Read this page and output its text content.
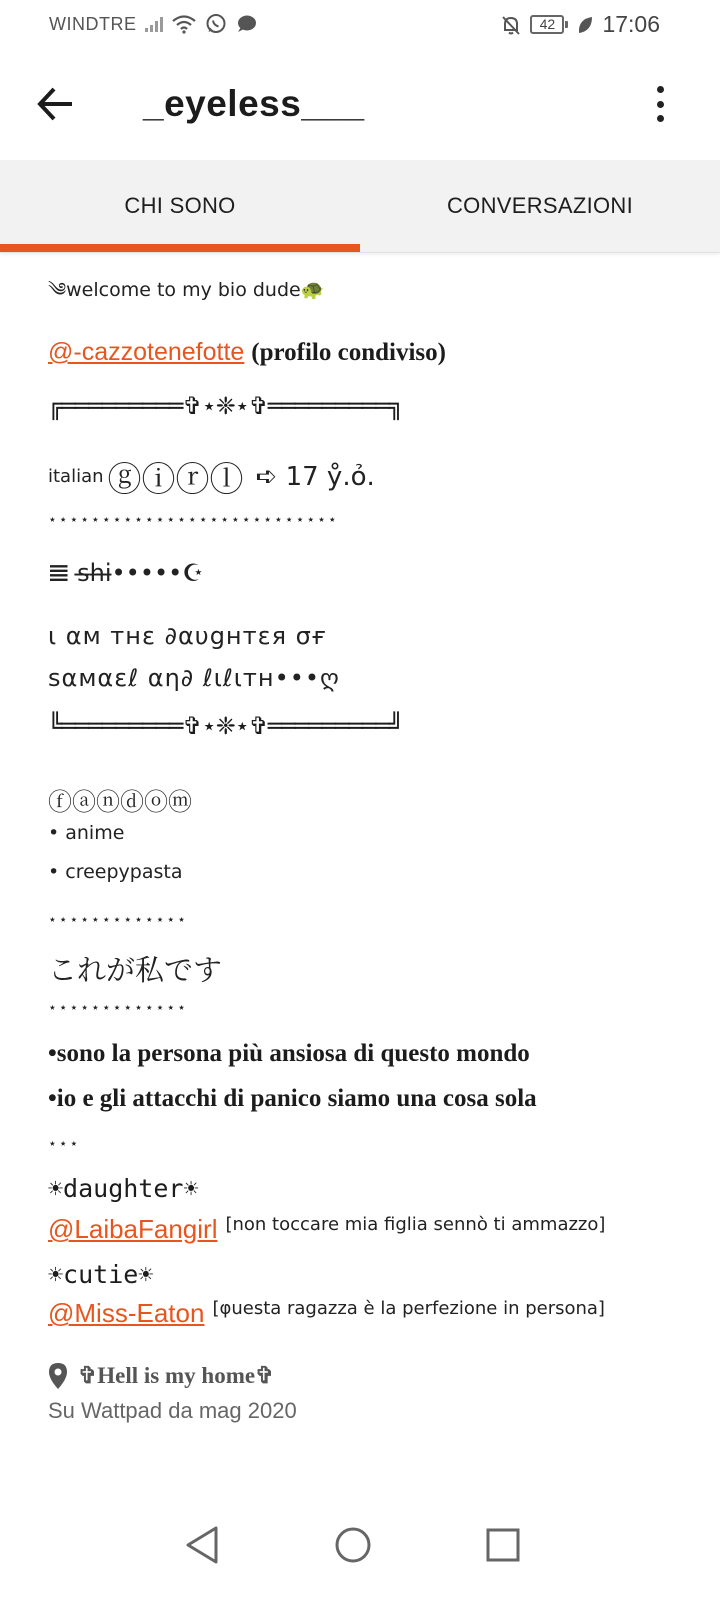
WINDTRE	42	17:06
_eyeless___
CHI SONO	CONVERSAZIONI
༄welcome to my bio dude🐢
@-cazzotenefotte (profilo condiviso)
╔═════════✞⋆❈⋆✞═════════╗
italian ⓖⓘⓡⓛ ➪ 17 ẙ.ỏ.
⋆⋆⋆⋆⋆⋆⋆⋆⋆⋆⋆⋆⋆⋆⋆⋆⋆⋆⋆⋆⋆⋆⋆⋆⋆⋆⋆
𝌆 s̶h̶i̶•••••☪
ι αм тнε ∂αυgнтεя σғ
sαмαεℓ αη∂ ℓιℓιтн•••ღ
╚═════════✞⋆❈⋆✞═════════╝
ⓕⓐⓝⓓⓞⓜ
• anime
• creepypasta
⋆⋆⋆⋆⋆⋆⋆⋆⋆⋆⋆⋆⋆
これが私です
⋆⋆⋆⋆⋆⋆⋆⋆⋆⋆⋆⋆⋆
•sono la persona più ansiosa di questo mondo
•io e gli attacchi di panico siamo una cosa sola
⋆⋆⋆
☀daughter☀
@LaibaFangirl [non toccare mia figlia sennò ti ammazzo]
☀cutie☀
@Miss-Eaton [φuesta ragazza è la perfezione in persona]
✞Hell is my home✞
Su Wattpad da mag 2020
